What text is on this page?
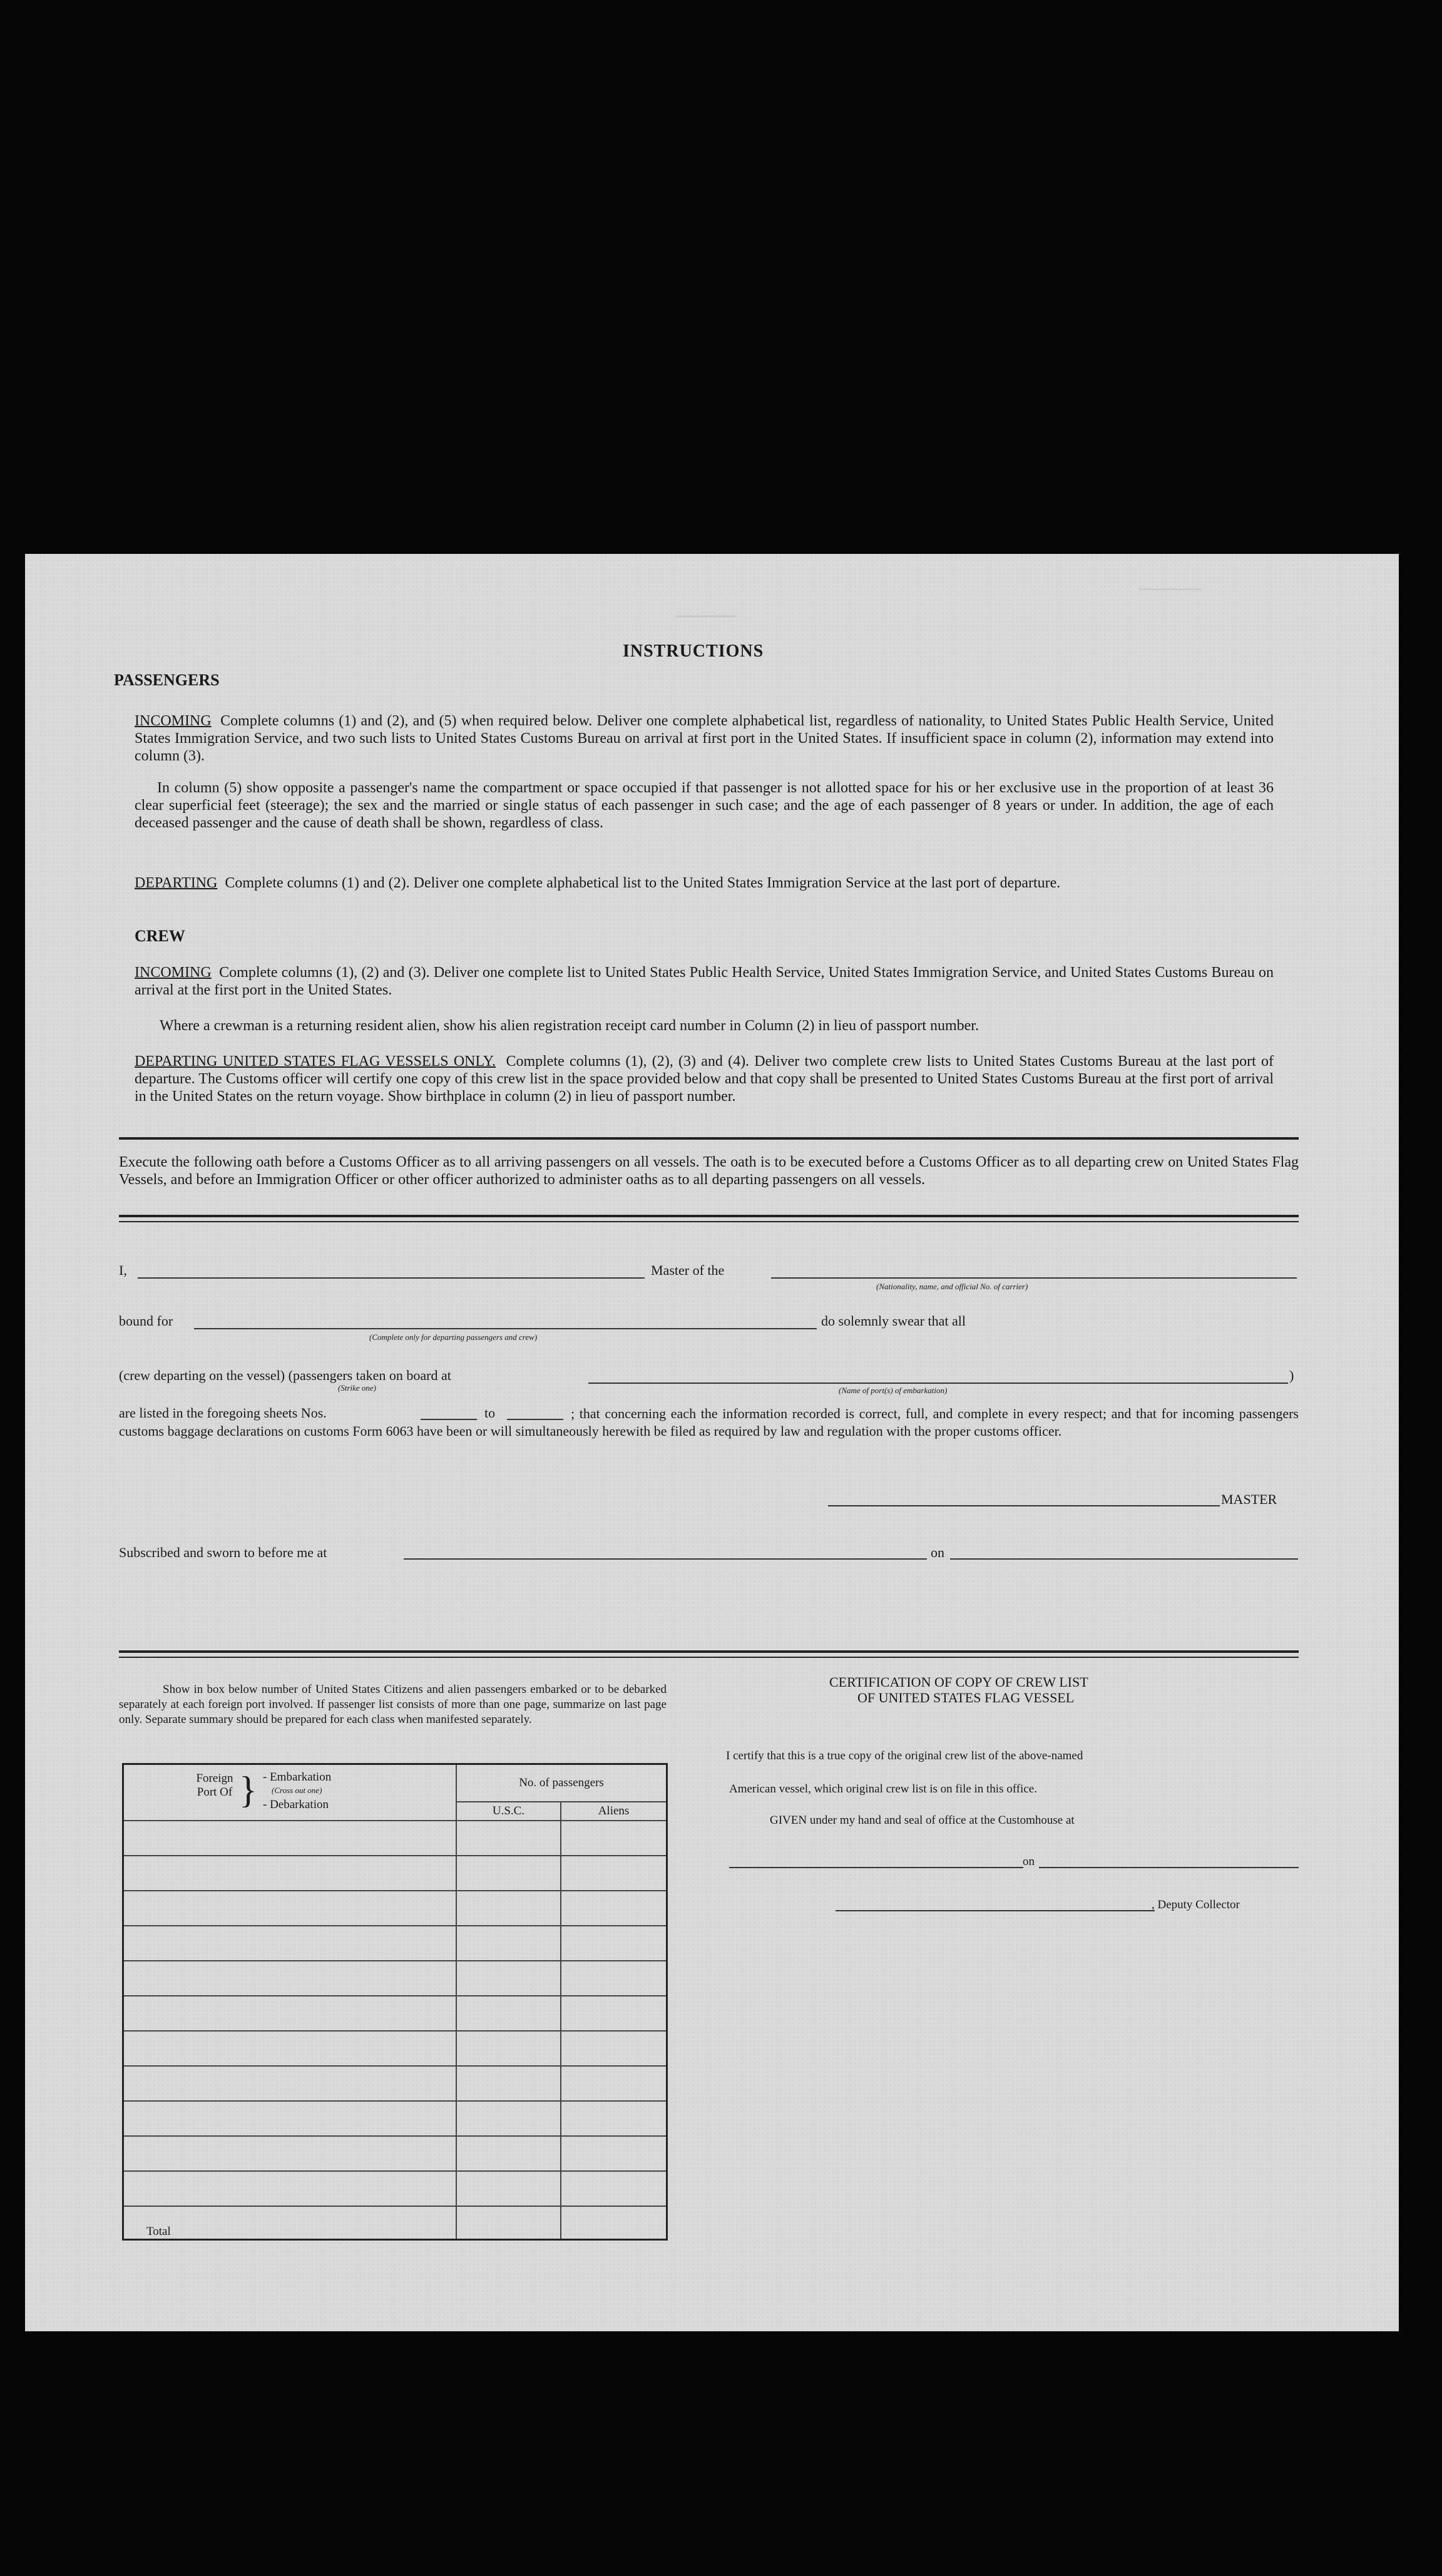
────
─────
INSTRUCTIONS
PASSENGERS
INCOMING Complete columns (1) and (2), and (5) when required below. Deliver one complete alphabetical list, regardless of nationality, to United States Public Health Service, United States Immigration Service, and two such lists to United States Customs Bureau on arrival at first port in the United States. If insufficient space in column (2), information may extend into column (3).
In column (5) show opposite a passenger's name the compartment or space occupied if that passenger is not allotted space for his or her exclusive use in the proportion of at least 36 clear superficial feet (steerage); the sex and the married or single status of each passenger in such case; and the age of each passenger of 8 years or under. In addition, the age of each deceased passenger and the cause of death shall be shown, regardless of class.
DEPARTING Complete columns (1) and (2). Deliver one complete alphabetical list to the United States Immigration Service at the last port of departure.
CREW
INCOMING Complete columns (1), (2) and (3). Deliver one complete list to United States Public Health Service, United States Immigration Service, and United States Customs Bureau on arrival at the first port in the United States.
Where a crewman is a returning resident alien, show his alien registration receipt card number in Column (2) in lieu of passport number.
DEPARTING UNITED STATES FLAG VESSELS ONLY. Complete columns (1), (2), (3) and (4). Deliver two complete crew lists to United States Customs Bureau at the last port of departure. The Customs officer will certify one copy of this crew list in the space provided below and that copy shall be presented to United States Customs Bureau at the first port of arrival in the United States on the return voyage. Show birthplace in column (2) in lieu of passport number.
Execute the following oath before a Customs Officer as to all arriving passengers on all vessels. The oath is to be executed before a Customs Officer as to all departing crew on United States Flag Vessels, and before an Immigration Officer or other officer authorized to administer oaths as to all departing passengers on all vessels.
I,	Master of the
(Nationality, name, and official No. of carrier)
bound for
(Complete only for departing passengers and crew)
do solemnly swear that all
(crew departing on the vessel) (passengers taken on board at
(Strike one)
)
(Name of port(s) of embarkation)
are listed in the foregoing sheets Nos.	to	; that concerning each the information recorded is correct, full, and complete in every respect; and that for incoming passengers customs baggage declarations on customs Form 6063 have been or will simultaneously herewith be filed as required by law and regulation with the proper customs officer.
MASTER
Subscribed and sworn to before me at	on
Show in box below number of United States Citizens and alien passengers embarked or to be debarked separately at each foreign port involved. If passenger list consists of more than one page, summarize on last page only. Separate summary should be prepared for each class when manifested separately.
Foreign Port Of } - Embarkation
(Cross out one)
- Debarkation	No. of passengers	
	U.S.C.	Aliens

Total		
CERTIFICATION OF COPY OF CREW LIST
OF UNITED STATES FLAG VESSEL
I certify that this is a true copy of the original crew list of the above-named
American vessel, which original crew list is on file in this office.
GIVEN under my hand and seal of office at the Customhouse at
on
, Deputy Collector
